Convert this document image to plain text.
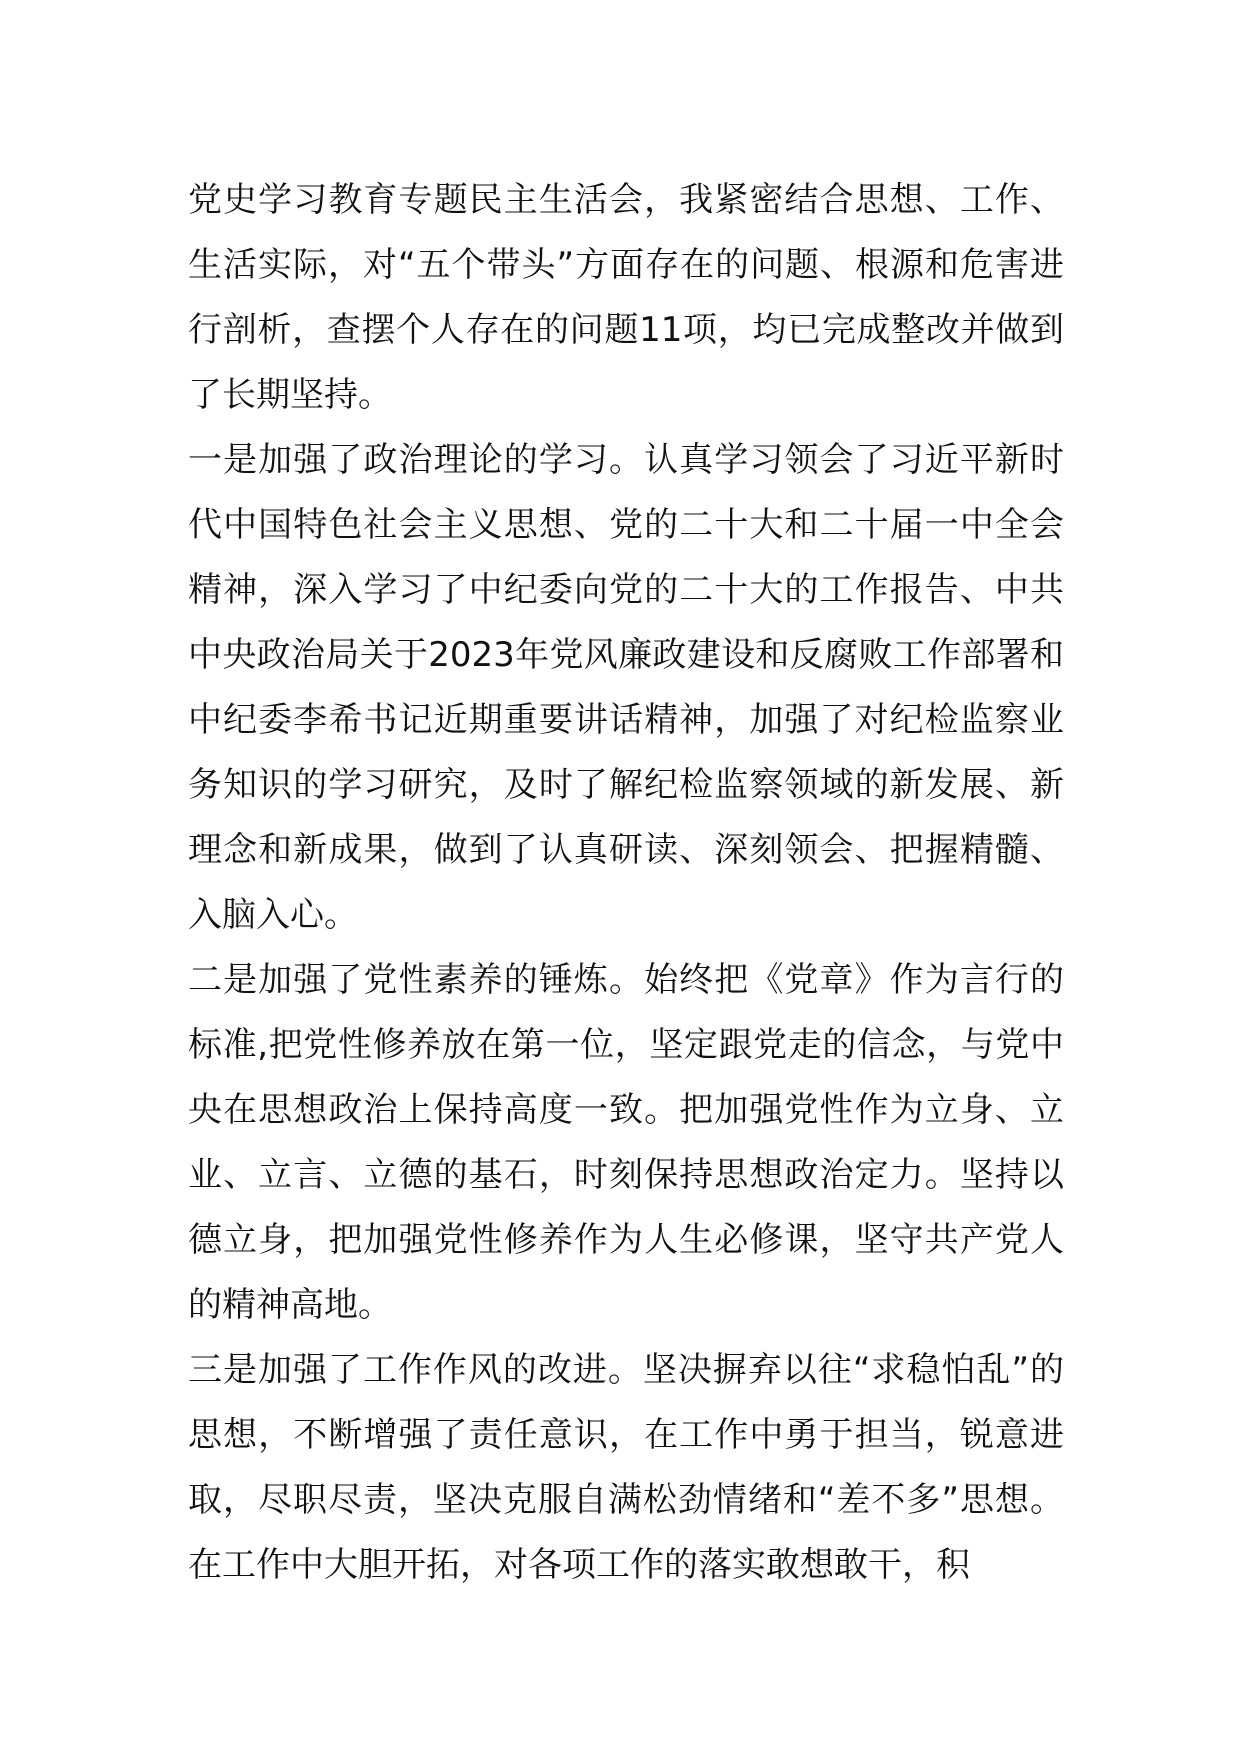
党史学习教育专题民主生活会，我紧密结合思想、工作、生活实际，对“五个带头”方面存在的问题、根源和危害进行剖析，查摆个人存在的问题11项，均已完成整改并做到了长期坚持。

一是加强了政治理论的学习。认真学习领会了习近平新时代中国特色社会主义思想、党的二十大和二十届一中全会精神，深入学习了中纪委向党的二十大的工作报告、中共中央政治局关于2023年党风廉政建设和反腐败工作部署和中纪委李希书记近期重要讲话精神，加强了对纪检监察业务知识的学习研究，及时了解纪检监察领域的新发展、新理念和新成果，做到了认真研读、深刻领会、把握精髓、入脑入心。

二是加强了党性素养的锤炼。始终把《党章》作为言行的标准,把党性修养放在第一位，坚定跟党走的信念，与党中央在思想政治上保持高度一致。把加强党性作为立身、立业、立言、立德的基石，时刻保持思想政治定力。坚持以德立身，把加强党性修养作为人生必修课，坚守共产党人的精神高地。

三是加强了工作作风的改进。坚决摒弃以往“求稳怕乱”的思想，不断增强了责任意识，在工作中勇于担当，锐意进取，尽职尽责，坚决克服自满松劲情绪和“差不多”思想。在工作中大胆开拓，对各项工作的落实敢想敢干，积
